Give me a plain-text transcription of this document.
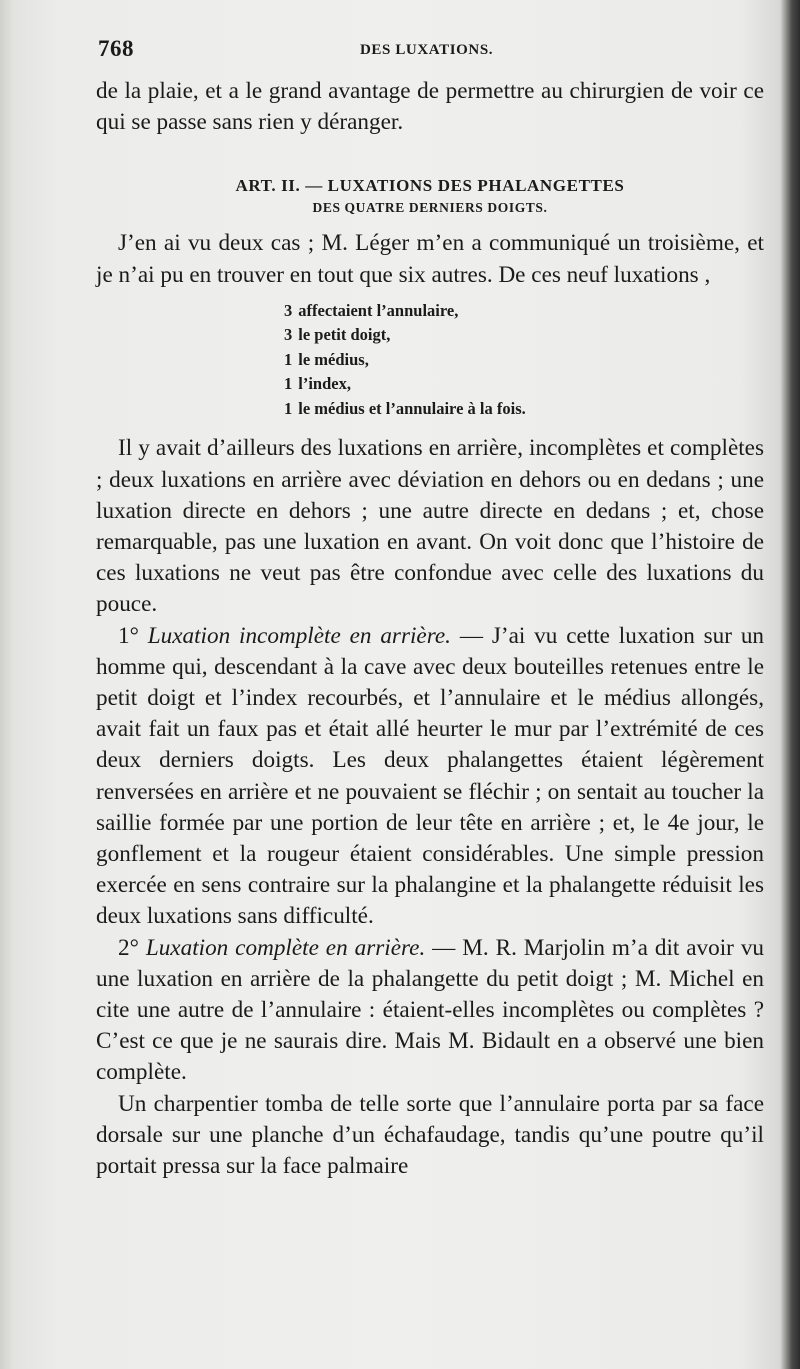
768	DES LUXATIONS.

de la plaie, et a le grand avantage de permettre au chirurgien de voir ce qui se passe sans rien y déranger.

ART. II. — LUXATIONS DES PHALANGETTES
DES QUATRE DERNIERS DOIGTS.

J’en ai vu deux cas ; M. Léger m’en a communiqué un troisième, et je n’ai pu en trouver en tout que six autres. De ces neuf luxations ,

3 affectaient l’annulaire,
3 le petit doigt,
1 le médius,
1 l’index,
1 le médius et l’annulaire à la fois.

Il y avait d’ailleurs des luxations en arrière, incomplètes et complètes ; deux luxations en arrière avec déviation en dehors ou en dedans ; une luxation directe en dehors ; une autre directe en dedans ; et, chose remarquable, pas une luxation en avant. On voit donc que l’histoire de ces luxations ne veut pas être confondue avec celle des luxations du pouce.

1° Luxation incomplète en arrière. — J’ai vu cette luxation sur un homme qui, descendant à la cave avec deux bouteilles retenues entre le petit doigt et l’index recourbés, et l’annulaire et le médius allongés, avait fait un faux pas et était allé heurter le mur par l’extrémité de ces deux derniers doigts. Les deux phalangettes étaient légèrement renversées en arrière et ne pouvaient se fléchir ; on sentait au toucher la saillie formée par une portion de leur tête en arrière ; et, le 4e jour, le gonflement et la rougeur étaient considérables. Une simple pression exercée en sens contraire sur la phalangine et la phalangette réduisit les deux luxations sans difficulté.

2° Luxation complète en arrière. — M. R. Marjolin m’a dit avoir vu une luxation en arrière de la phalangette du petit doigt ; M. Michel en cite une autre de l’annulaire : étaient-elles incomplètes ou complètes ? C’est ce que je ne saurais dire. Mais M. Bidault en a observé une bien complète.

Un charpentier tomba de telle sorte que l’annulaire porta par sa face dorsale sur une planche d’un échafaudage, tandis qu’une poutre qu’il portait pressa sur la face palmaire
